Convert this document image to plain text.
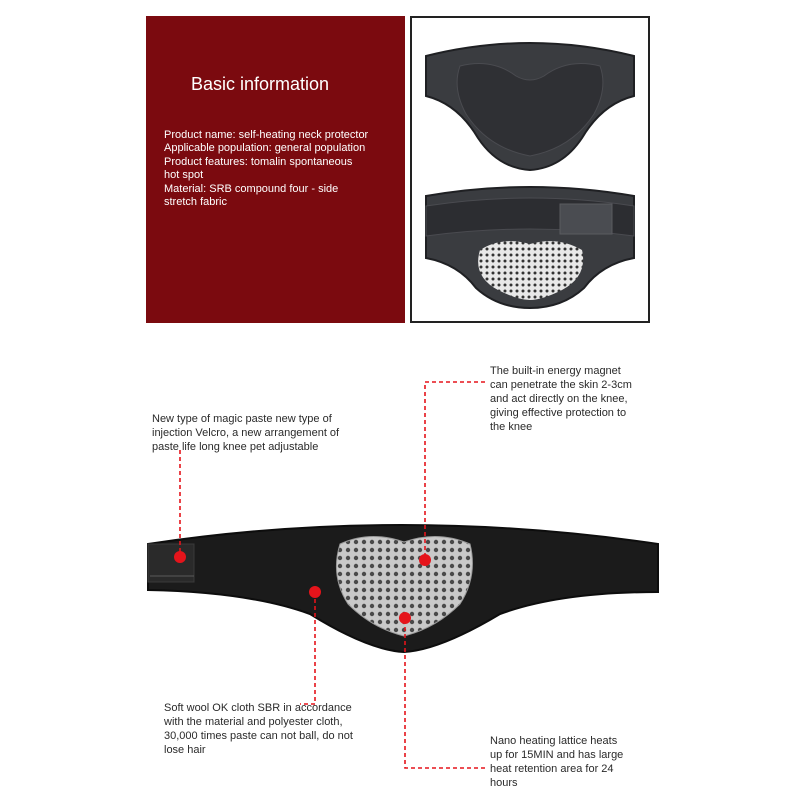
Basic information
Product name: self-heating neck protector
Applicable population: general population
Product features: tomalin spontaneous
hot spot
Material: SRB compound four - side
stretch fabric
The built-in energy magnet
can penetrate the skin 2-3cm
and act directly on the knee,
giving effective protection to
the knee
New type of magic paste new type of
injection Velcro, a new arrangement of
paste life long knee pet adjustable
Soft wool OK cloth SBR in accordance
with the material and polyester cloth,
30,000 times paste can not ball, do not
lose hair
Nano heating lattice heats
up for 15MIN and has large
heat retention area for 24
hours
